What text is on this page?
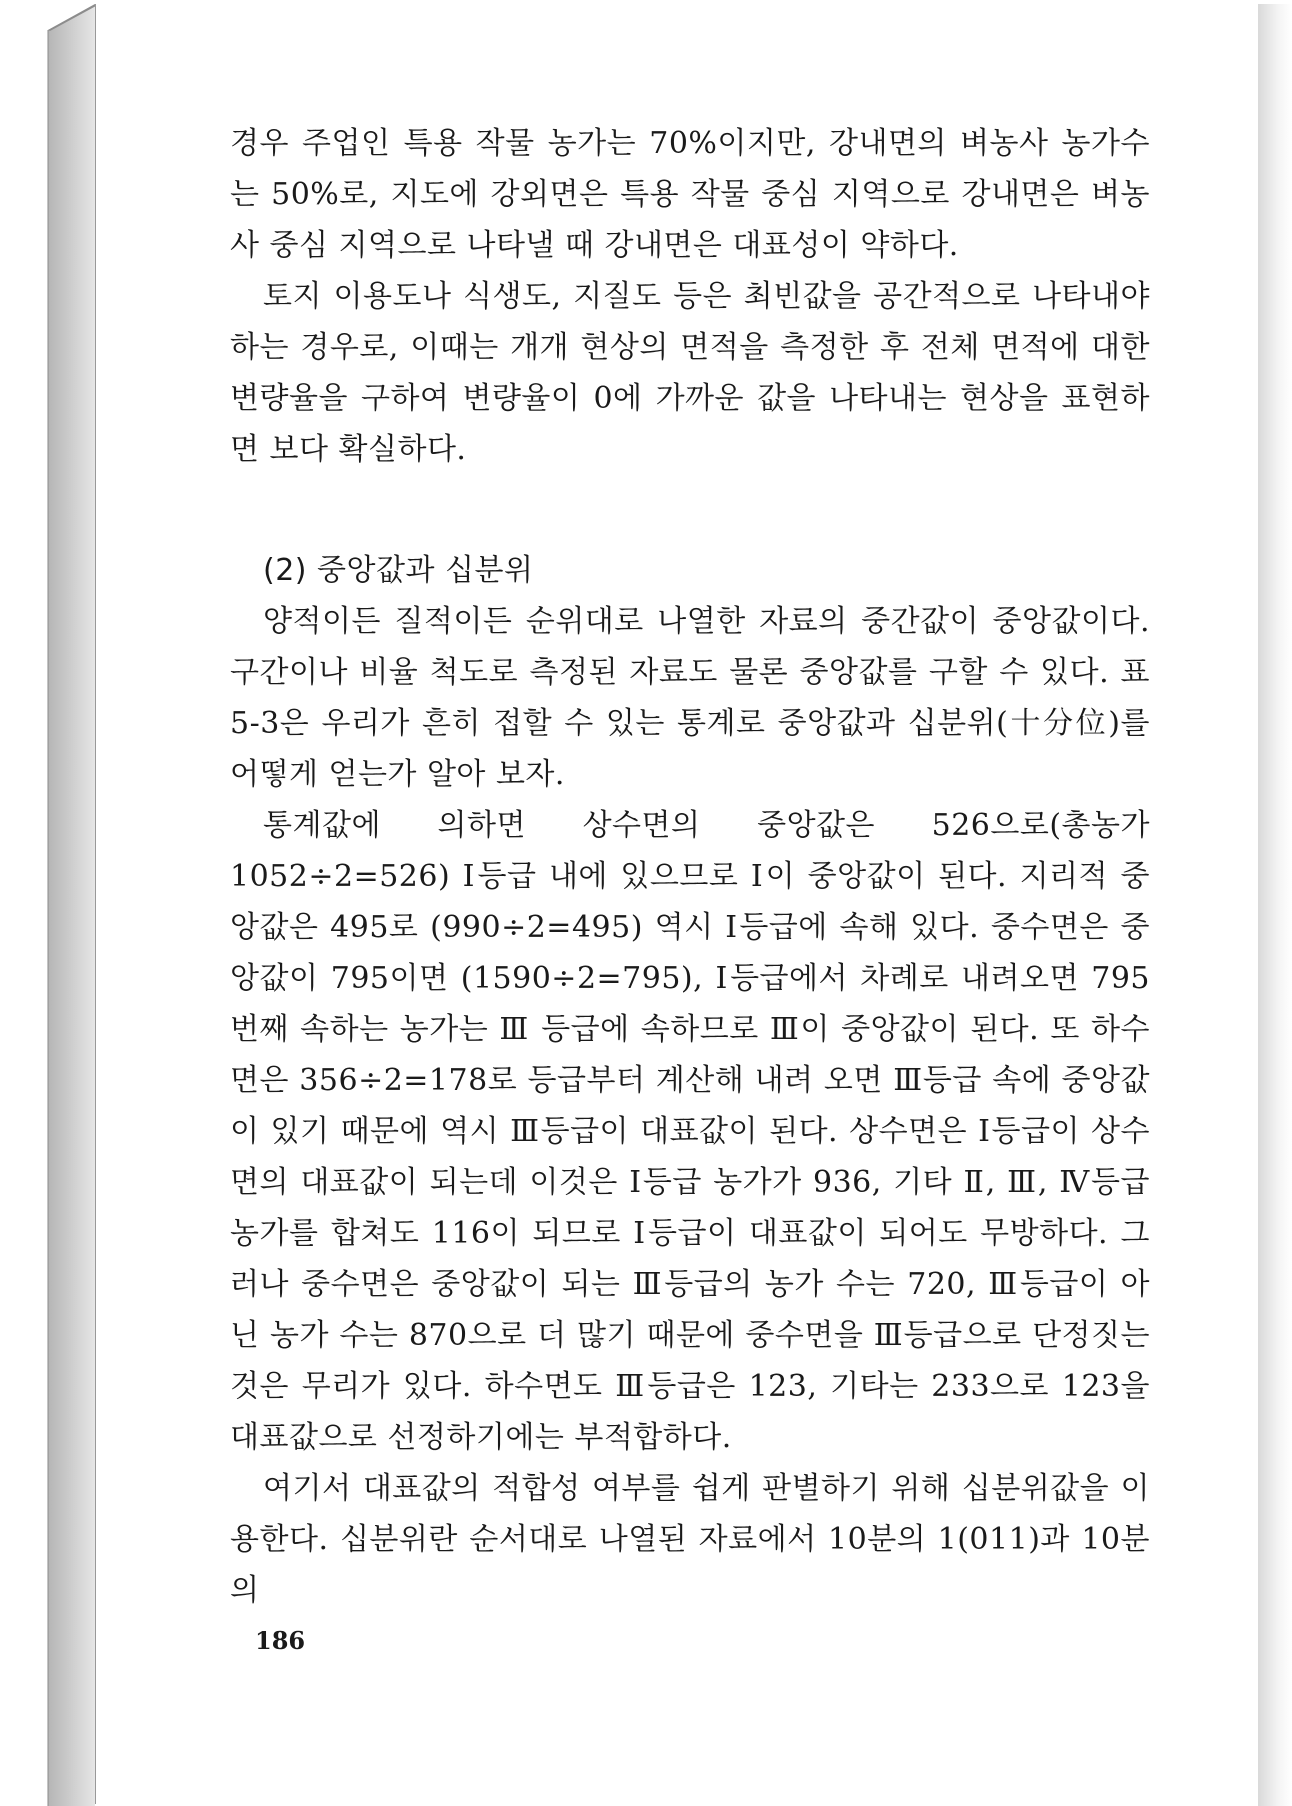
경우 주업인 특용 작물 농가는 70%이지만, 강내면의 벼농사 농가수는 50%로, 지도에 강외면은 특용 작물 중심 지역으로 강내면은 벼농사 중심 지역으로 나타낼 때 강내면은 대표성이 약하다.

토지 이용도나 식생도, 지질도 등은 최빈값을 공간적으로 나타내야 하는 경우로, 이때는 개개 현상의 면적을 측정한 후 전체 면적에 대한 변량율을 구하여 변량율이 0에 가까운 값을 나타내는 현상을 표현하면 보다 확실하다.

(2) 중앙값과 십분위

양적이든 질적이든 순위대로 나열한 자료의 중간값이 중앙값이다. 구간이나 비율 척도로 측정된 자료도 물론 중앙값를 구할 수 있다. 표 5-3은 우리가 흔히 접할 수 있는 통계로 중앙값과 십분위(十分位)를 어떻게 얻는가 알아 보자.

통계값에 의하면 상수면의 중앙값은 526으로(총농가 1052÷2=526) Ⅰ등급 내에 있으므로 Ⅰ이 중앙값이 된다. 지리적 중앙값은 495로 (990÷2=495) 역시 Ⅰ등급에 속해 있다. 중수면은 중앙값이 795이면 (1590÷2=795), Ⅰ등급에서 차례로 내려오면 795번째 속하는 농가는 Ⅲ 등급에 속하므로 Ⅲ이 중앙값이 된다. 또 하수면은 356÷2=178로 등급부터 계산해 내려 오면 Ⅲ등급 속에 중앙값이 있기 때문에 역시 Ⅲ등급이 대표값이 된다. 상수면은 Ⅰ등급이 상수면의 대표값이 되는데 이것은 Ⅰ등급 농가가 936, 기타 Ⅱ, Ⅲ, Ⅳ등급 농가를 합쳐도 116이 되므로 Ⅰ등급이 대표값이 되어도 무방하다. 그러나 중수면은 중앙값이 되는 Ⅲ등급의 농가 수는 720, Ⅲ등급이 아닌 농가 수는 870으로 더 많기 때문에 중수면을 Ⅲ등급으로 단정짓는 것은 무리가 있다. 하수면도 Ⅲ등급은 123, 기타는 233으로 123을 대표값으로 선정하기에는 부적합하다.

여기서 대표값의 적합성 여부를 쉽게 판별하기 위해 십분위값을 이용한다. 십분위란 순서대로 나열된 자료에서 10분의 1(011)과 10분의

186
